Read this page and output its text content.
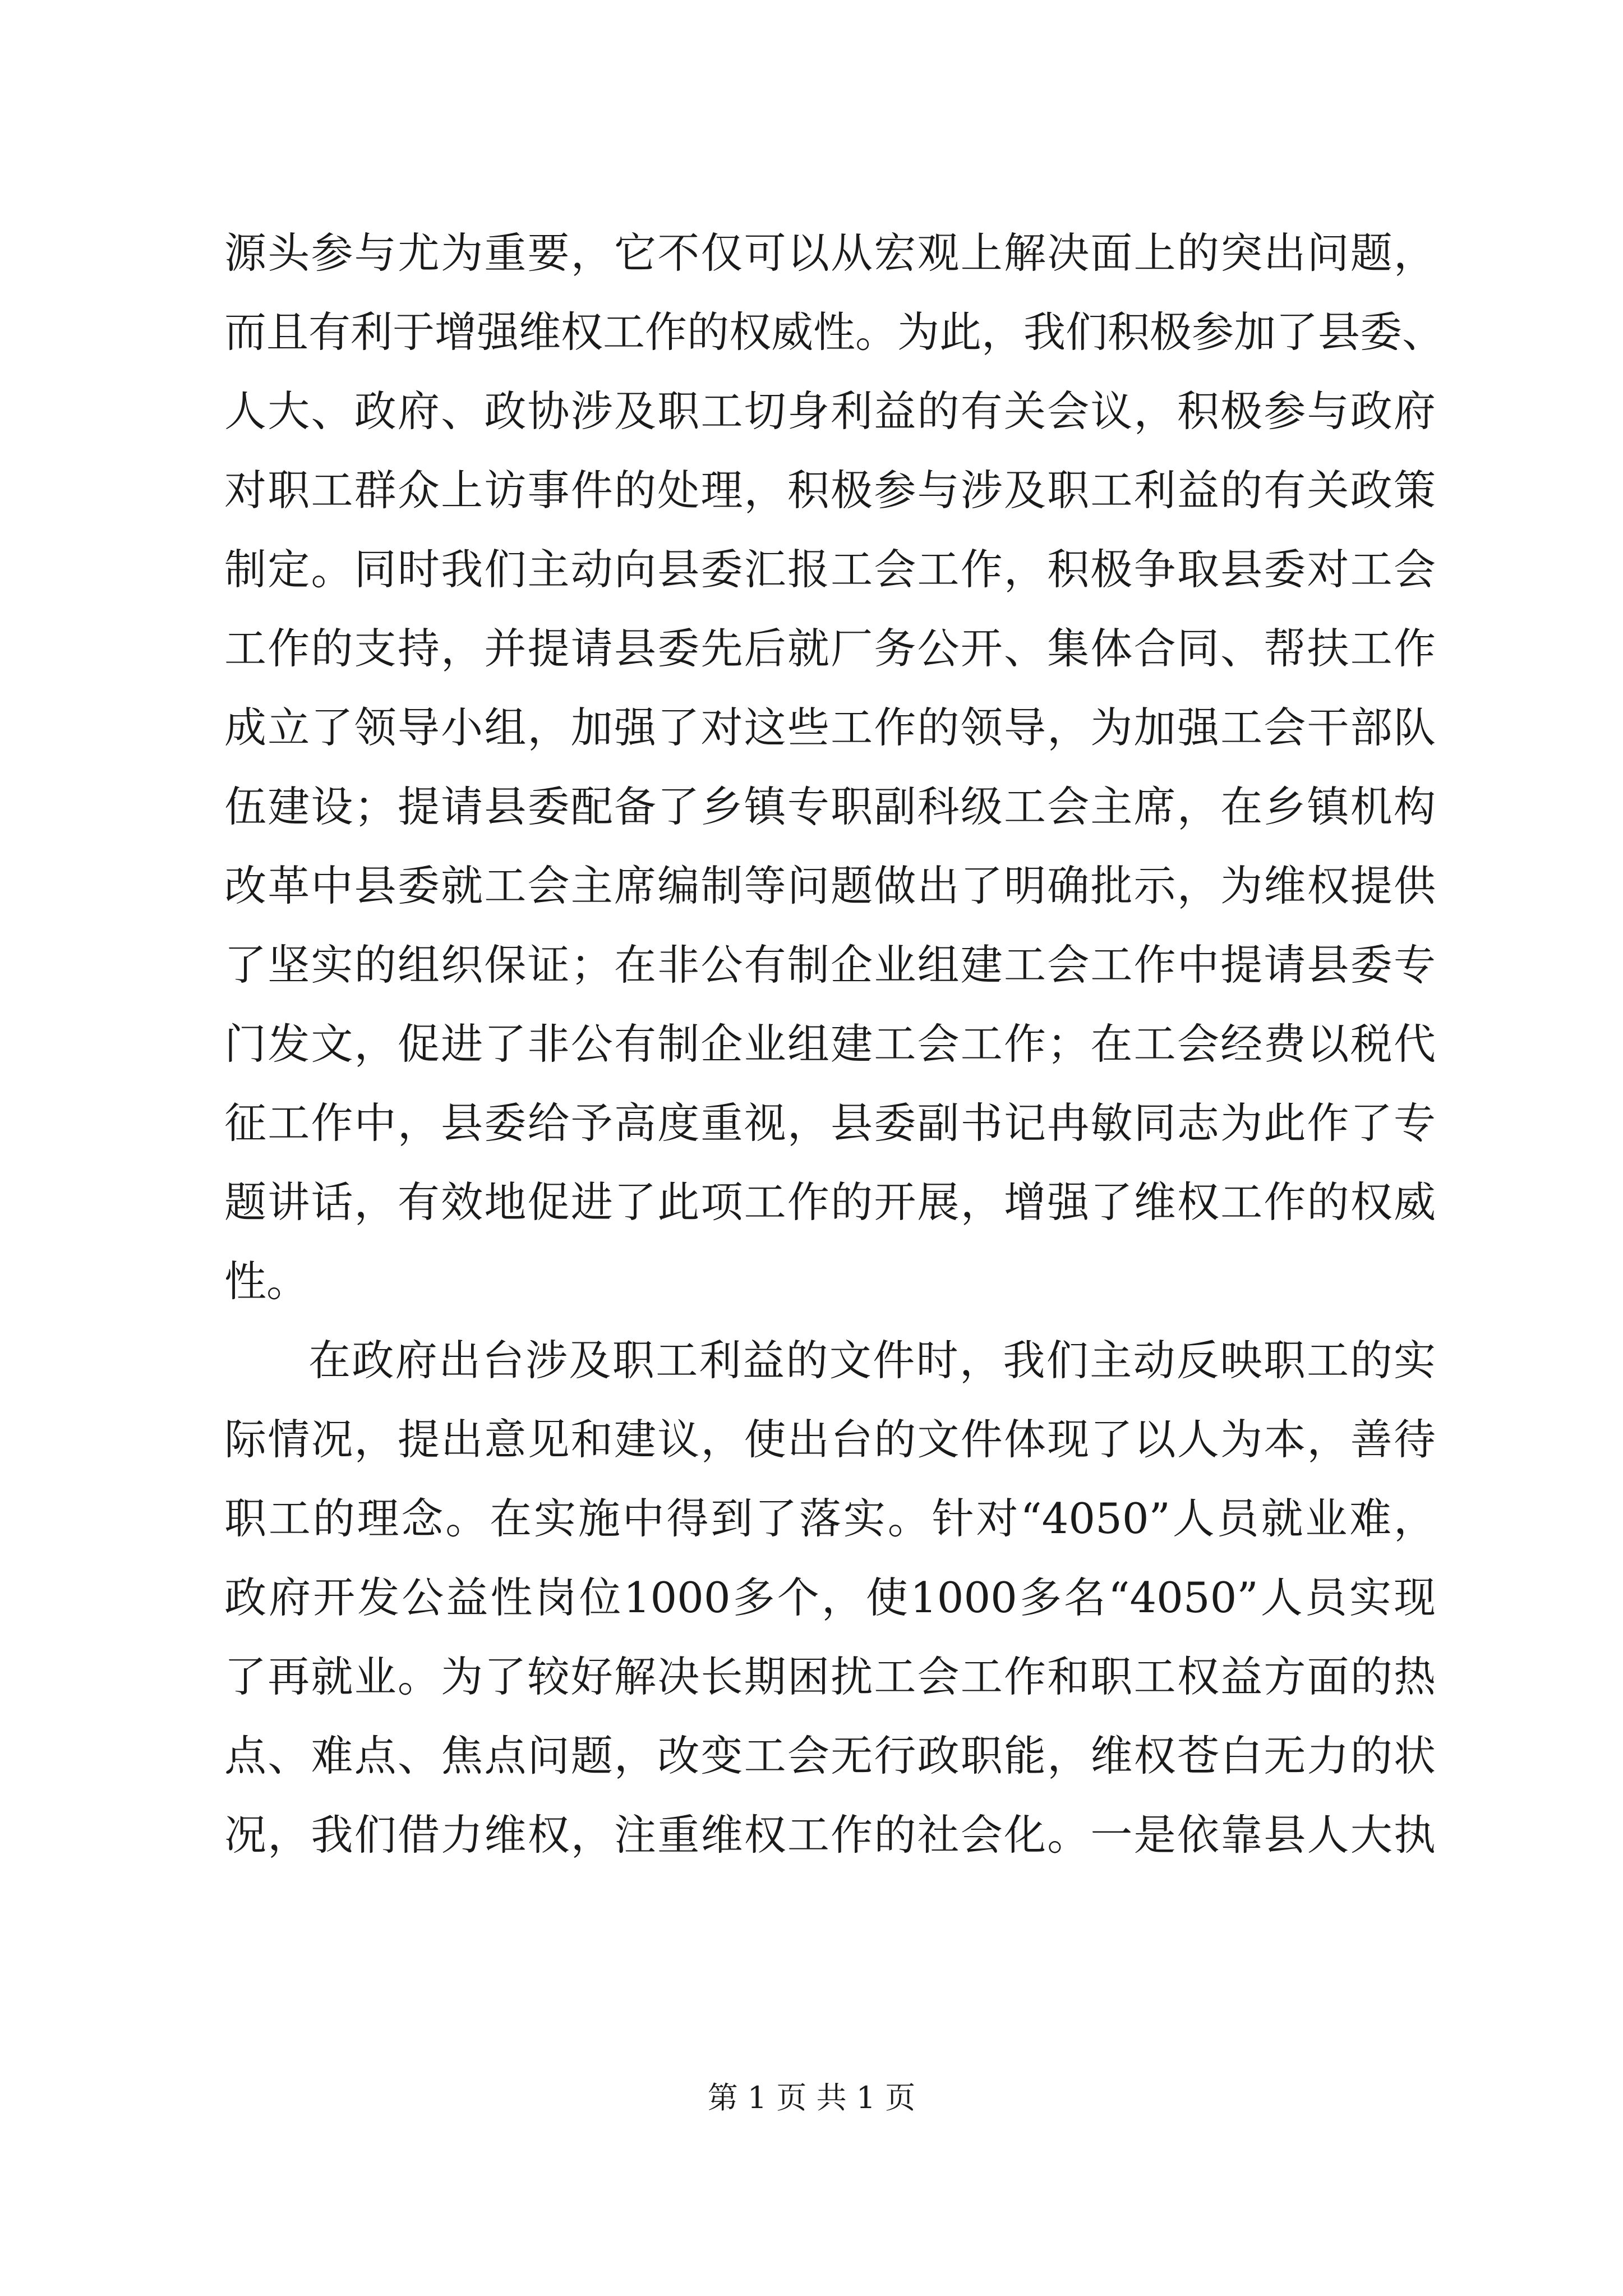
源头参与尤为重要，它不仅可以从宏观上解决面上的突出问题，
而且有利于增强维权工作的权威性。为此，我们积极参加了县委、
人大、政府、政协涉及职工切身利益的有关会议，积极参与政府
对职工群众上访事件的处理，积极参与涉及职工利益的有关政策
制定。同时我们主动向县委汇报工会工作，积极争取县委对工会
工作的支持，并提请县委先后就厂务公开、集体合同、帮扶工作
成立了领导小组，加强了对这些工作的领导，为加强工会干部队
伍建设；提请县委配备了乡镇专职副科级工会主席，在乡镇机构
改革中县委就工会主席编制等问题做出了明确批示，为维权提供
了坚实的组织保证；在非公有制企业组建工会工作中提请县委专
门发文，促进了非公有制企业组建工会工作；在工会经费以税代
征工作中，县委给予高度重视，县委副书记冉敏同志为此作了专
题讲话，有效地促进了此项工作的开展，增强了维权工作的权威
性。
在政府出台涉及职工利益的文件时，我们主动反映职工的实
际情况，提出意见和建议，使出台的文件体现了以人为本，善待
职工的理念。在实施中得到了落实。针对“4050”人员就业难，
政府开发公益性岗位1000多个，使1000多名“4050”人员实现
了再就业。为了较好解决长期困扰工会工作和职工权益方面的热
点、难点、焦点问题，改变工会无行政职能，维权苍白无力的状
况，我们借力维权，注重维权工作的社会化。一是依靠县人大执
第 1 页 共 1 页
